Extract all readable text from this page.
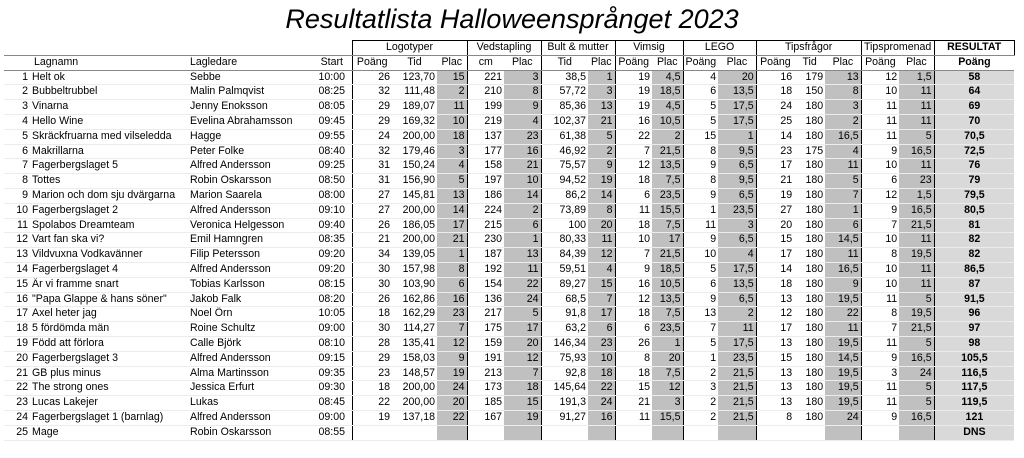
Resultatlista Halloweensprånget 2023
				Logotyper			Vedstapling		Bult & mutter		Vimsig		LEGO		Tipsfrågor			Tipspromenad		RESULTAT
Lagnamn		Lagledare	Start	Poäng	Tid	Plac	cm	Plac	Tid	Plac	Poäng	Plac	Poäng	Plac	Poäng	Tid	Plac	Poäng	Plac	Poäng
1	Helt ok	Sebbe	10:00	26	123,70	15	221	3	38,5	1	19	4,5	4	20	16	179	13	12	1,5	58
2	Bubbeltrubbel	Malin Palmqvist	08:25	32	111,48	2	210	8	57,72	3	19	18,5	6	13,5	18	150	8	10	11	64
3	Vinarna	Jenny Enoksson	08:05	29	189,07	11	199	9	85,36	13	19	4,5	5	17,5	24	180	3	11	11	69
4	Hello Wine	Evelina Abrahamsson	09:45	29	169,32	10	219	4	102,37	21	16	10,5	5	17,5	25	180	2	11	11	70
5	Skräckfruarna med vilseledda	Hagge	09:55	24	200,00	18	137	23	61,38	5	22	2	15	1	14	180	16,5	11	5	70,5
6	Makrillarna	Peter Folke	08:40	32	179,46	3	177	16	46,92	2	7	21,5	8	9,5	23	175	4	9	16,5	72,5
7	Fagerbergslaget 5	Alfred Andersson	09:25	31	150,24	4	158	21	75,57	9	12	13,5	9	6,5	17	180	11	10	11	76
8	Tottes	Robin Oskarsson	08:50	31	156,90	5	197	10	94,52	19	18	7,5	8	9,5	21	180	5	6	23	79
9	Marion och dom sju dvärgarna	Marion Saarela	08:00	27	145,81	13	186	14	86,2	14	6	23,5	9	6,5	19	180	7	12	1,5	79,5
10	Fagerbergslaget 2	Alfred Andersson	09:10	27	200,00	14	224	2	73,89	8	11	15,5	1	23,5	27	180	1	9	16,5	80,5
11	Spolabos Dreamteam	Veronica Helgesson	09:40	26	186,05	17	215	6	100	20	18	7,5	11	3	20	180	6	7	21,5	81
12	Vart fan ska vi?	Emil Hamngren	08:35	21	200,00	21	230	1	80,33	11	10	17	9	6,5	15	180	14,5	10	11	82
13	Vildvuxna Vodkavänner	Filip Petersson	09:20	34	139,05	1	187	13	84,39	12	7	21,5	10	4	17	180	11	8	19,5	82
14	Fagerbergslaget 4	Alfred Andersson	09:20	30	157,98	8	192	11	59,51	4	9	18,5	5	17,5	14	180	16,5	10	11	86,5
15	Är vi framme snart	Tobias Karlsson	08:15	30	103,90	6	154	22	89,27	15	16	10,5	6	13,5	18	180	9	10	11	87
16	"Papa Glappe & hans söner"	Jakob Falk	08:20	26	162,86	16	136	24	68,5	7	12	13,5	9	6,5	13	180	19,5	11	5	91,5
17	Axel heter jag	Noel Örn	10:05	18	162,29	23	217	5	91,8	17	18	7,5	13	2	12	180	22	8	19,5	96
18	5 fördömda män	Roine Schultz	09:00	30	114,27	7	175	17	63,2	6	6	23,5	7	11	17	180	11	7	21,5	97
19	Född att förlora	Calle Björk	08:10	28	135,41	12	159	20	146,34	23	26	1	5	17,5	13	180	19,5	11	5	98
20	Fagerbergslaget 3	Alfred Andersson	09:15	29	158,03	9	191	12	75,93	10	8	20	1	23,5	15	180	14,5	9	16,5	105,5
21	GB plus minus	Alma Martinsson	09:35	23	148,57	19	213	7	92,8	18	18	7,5	2	21,5	13	180	19,5	3	24	116,5
22	The strong ones	Jessica Erfurt	09:30	18	200,00	24	173	18	145,64	22	15	12	3	21,5	13	180	19,5	11	5	117,5
23	Lucas Lakejer	Lukas	08:45	22	200,00	20	185	15	191,3	24	21	3	2	21,5	13	180	19,5	11	5	119,5
24	Fagerbergslaget 1 (barnlag)	Alfred Andersson	09:00	19	137,18	22	167	19	91,27	16	11	15,5	2	21,5	8	180	24	9	16,5	121
25	Mage	Robin Oskarsson	08:55																	DNS
